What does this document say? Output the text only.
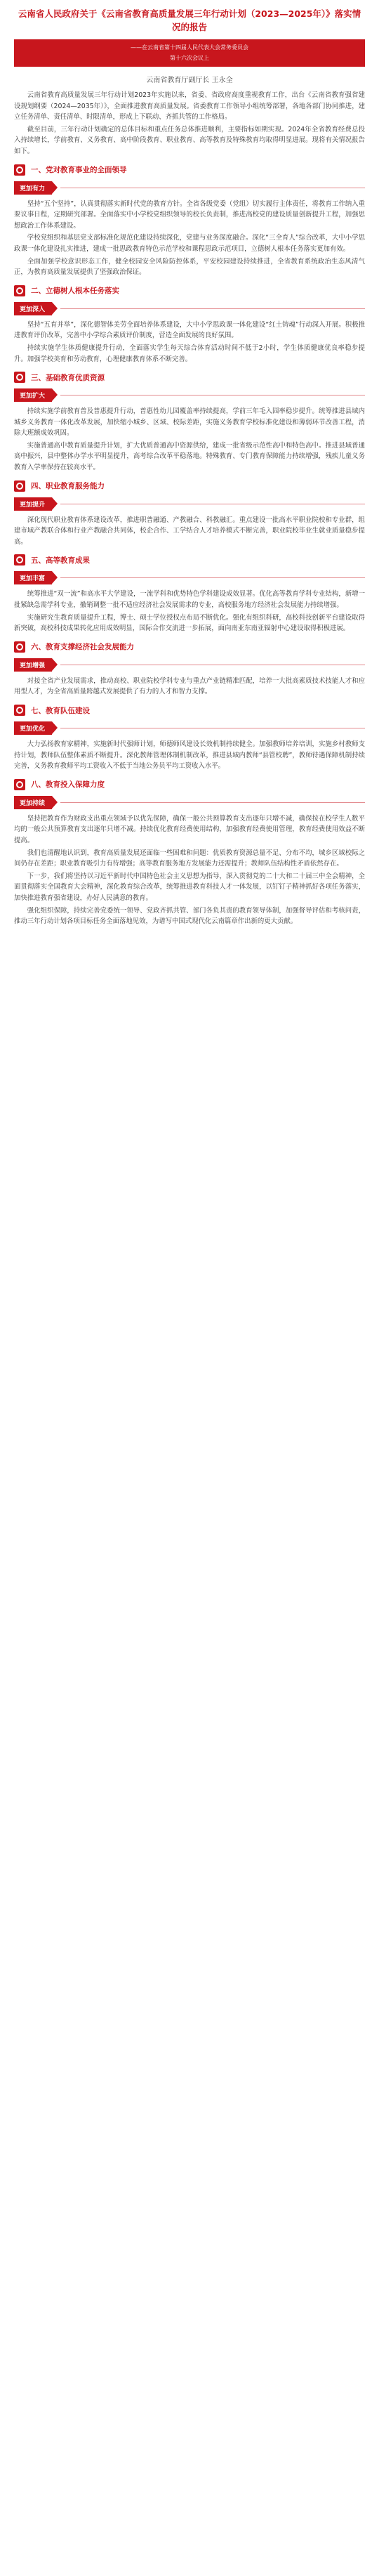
云南省人民政府关于《云南省教育高质量发展三年行动计划（2023—2025年）》落实情况的报告
——在云南省第十四届人民代表大会常务委员会
第十六次会议上
云南省教育厅副厅长 王永全

云南省教育高质量发展三年行动计划2023年实施以来，省委、省政府高度重视教育工作，出台《云南省教育强省建设规划纲要（2024—2035年）》，全面推进教育高质量发展。省委教育工作领导小组统筹部署，各地各部门协同推进，建立任务清单、责任清单、时限清单，形成上下联动、齐抓共管的工作格局。

截至目前，三年行动计划确定的总体目标和重点任务总体推进顺利，主要指标如期实现。2024年全省教育经费总投入持续增长，学前教育、义务教育、高中阶段教育、职业教育、高等教育及特殊教育均取得明显进展。现将有关情况报告如下。

一、党对教育事业的全面领导
更加有力

坚持“五个坚持”，认真贯彻落实新时代党的教育方针。全省各级党委（党组）切实履行主体责任，将教育工作纳入重要议事日程，定期研究部署。全面落实中小学校党组织领导的校长负责制，推进高校党的建设质量创新提升工程，加强思想政治工作体系建设。

学校党组织和基层党支部标准化规范化建设持续深化，党建与业务深度融合。深化“三全育人”综合改革，大中小学思政课一体化建设扎实推进，建成一批思政教育特色示范学校和课程思政示范项目，立德树人根本任务落实更加有效。

全面加强学校意识形态工作，健全校园安全风险防控体系，平安校园建设持续推进，全省教育系统政治生态风清气正，为教育高质量发展提供了坚强政治保证。

二、立德树人根本任务落实
更加深入

坚持“五育并举”，深化德智体美劳全面培养体系建设，大中小学思政课一体化建设“红土铸魂”行动深入开展。积极推进教育评价改革，完善中小学综合素质评价制度，营造全面发展的良好氛围。

持续实施学生体质健康提升行动，全面落实学生每天综合体育活动时间不低于2小时，学生体质健康优良率稳步提升。加强学校美育和劳动教育，心理健康教育体系不断完善。

三、基础教育优质资源
更加扩大

持续实施学前教育普及普惠提升行动，普惠性幼儿园覆盖率持续提高，学前三年毛入园率稳步提升。统筹推进县域内城乡义务教育一体化改革发展，加快缩小城乡、区域、校际差距，实施义务教育学校标准化建设和薄弱环节改善工程，消除大班额成效巩固。

实施普通高中教育质量提升计划，扩大优质普通高中资源供给，建成一批省级示范性高中和特色高中。推进县域普通高中振兴，县中整体办学水平明显提升，高考综合改革平稳落地。特殊教育、专门教育保障能力持续增强，残疾儿童义务教育入学率保持在较高水平。

四、职业教育服务能力
更加提升

深化现代职业教育体系建设改革，推进职普融通、产教融合、科教融汇。重点建设一批高水平职业院校和专业群，组建市域产教联合体和行业产教融合共同体，校企合作、工学结合人才培养模式不断完善，职业院校毕业生就业质量稳步提高。

五、高等教育成果
更加丰富

统筹推进“双一流”和高水平大学建设，一流学科和优势特色学科建设成效显著。优化高等教育学科专业结构，新增一批紧缺急需学科专业，撤销调整一批不适应经济社会发展需求的专业，高校服务地方经济社会发展能力持续增强。

实施研究生教育质量提升工程，博士、硕士学位授权点布局不断优化。强化有组织科研，高校科技创新平台建设取得新突破，高校科技成果转化应用成效明显，国际合作交流进一步拓展，面向南亚东南亚辐射中心建设取得积极进展。

六、教育支撑经济社会发展能力
更加增强

对接全省产业发展需求，推动高校、职业院校学科专业与重点产业链精准匹配，培养一大批高素质技术技能人才和应用型人才，为全省高质量跨越式发展提供了有力的人才和智力支撑。

七、教育队伍建设
更加优化

大力弘扬教育家精神，实施新时代强师计划，师德师风建设长效机制持续健全。加强教师培养培训，实施乡村教师支持计划，教师队伍整体素质不断提升。深化教师管理体制机制改革，推进县域内教师“县管校聘”，教师待遇保障机制持续完善，义务教育教师平均工资收入不低于当地公务员平均工资收入水平。

八、教育投入保障力度
更加持续

坚持把教育作为财政支出重点领域予以优先保障，确保一般公共预算教育支出逐年只增不减，确保按在校学生人数平均的一般公共预算教育支出逐年只增不减。持续优化教育经费使用结构，加强教育经费使用管理，教育经费使用效益不断提高。

我们也清醒地认识到，教育高质量发展还面临一些困难和问题：优质教育资源总量不足、分布不均，城乡区域校际之间仍存在差距；职业教育吸引力有待增强；高等教育服务地方发展能力还需提升；教师队伍结构性矛盾依然存在。

下一步，我们将坚持以习近平新时代中国特色社会主义思想为指导，深入贯彻党的二十大和二十届三中全会精神，全面贯彻落实全国教育大会精神，深化教育综合改革，统筹推进教育科技人才一体发展，以钉钉子精神抓好各项任务落实，加快推进教育强省建设，办好人民满意的教育。

强化组织保障，持续完善党委统一领导、党政齐抓共管、部门各负其责的教育领导体制，加强督导评估和考核问责，推动三年行动计划各项目标任务全面落地见效，为谱写中国式现代化云南篇章作出新的更大贡献。
